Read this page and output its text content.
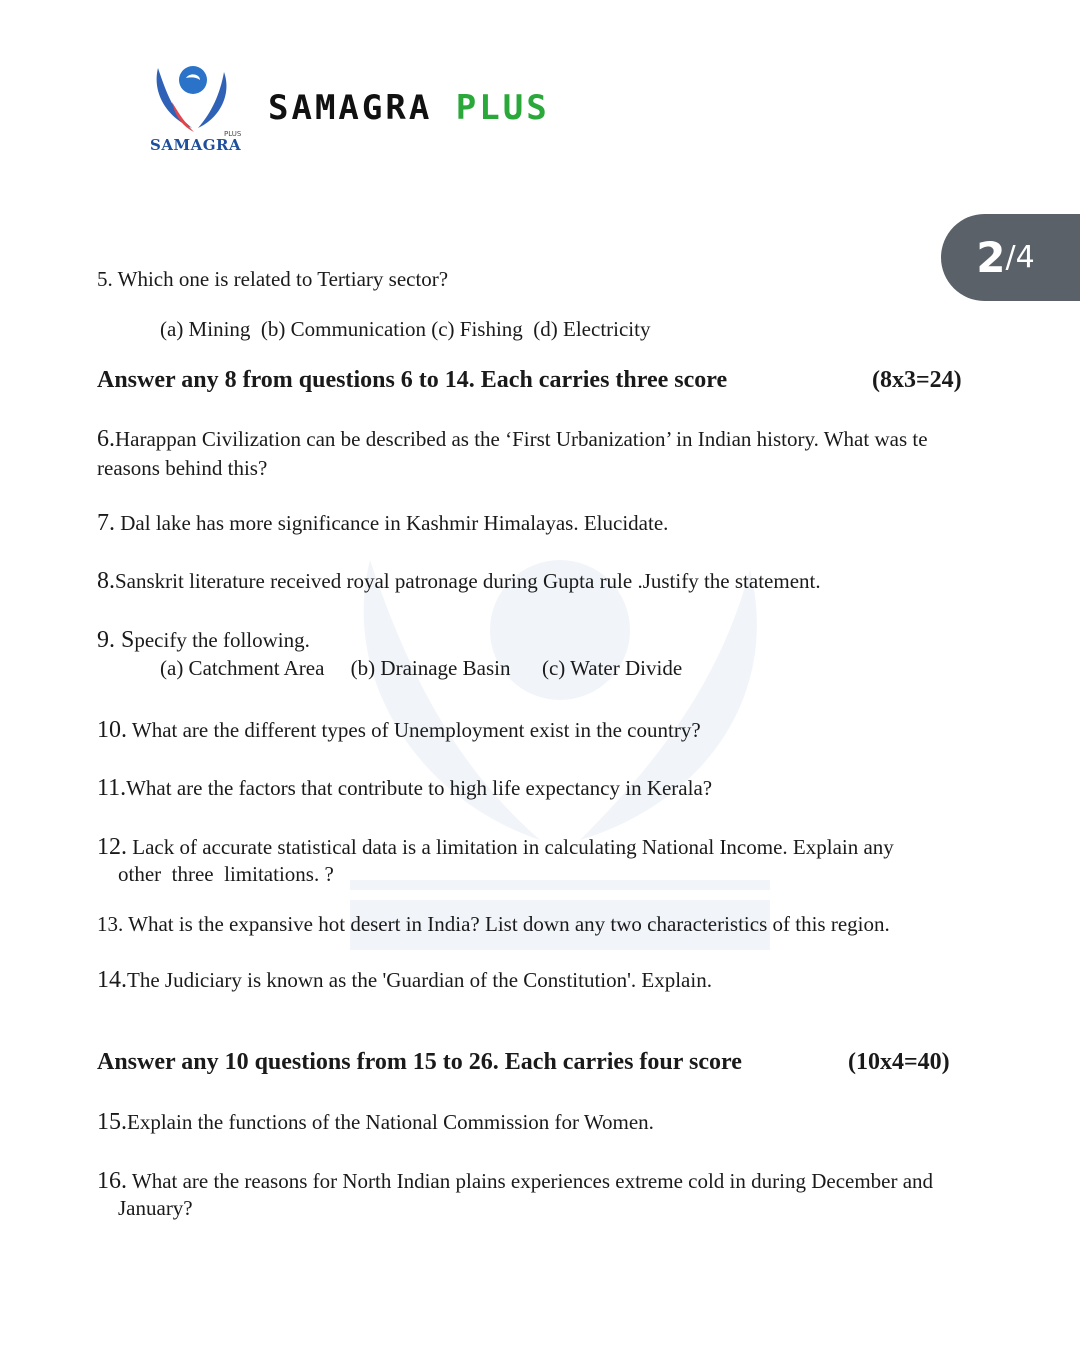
PLUS
SAMAGRA
SAMAGRA PLUS
2 / 4
5. Which one is related to Tertiary sector?
(a) Mining  (b) Communication (c) Fishing  (d) Electricity
Answer any 8 from questions 6 to 14. Each carries three score	(8x3=24)
6.Harappan Civilization can be described as the ‘First Urbanization’ in Indian history. What was te
reasons behind this?
7. Dal lake has more significance in Kashmir Himalayas. Elucidate.
8.Sanskrit literature received royal patronage during Gupta rule .Justify the statement.
9. Specify the following.
(a) Catchment Area     (b) Drainage Basin      (c) Water Divide
10. What are the different types of Unemployment exist in the country?
11.What are the factors that contribute to high life expectancy in Kerala?
12. Lack of accurate statistical data is a limitation in calculating National Income. Explain any
other  three  limitations. ?
13. What is the expansive hot desert in India? List down any two characteristics of this region.
14.The Judiciary is known as the 'Guardian of the Constitution'. Explain.
Answer any 10 questions from 15 to 26. Each carries four score	(10x4=40)
15.Explain the functions of the National Commission for Women.
16. What are the reasons for North Indian plains experiences extreme cold in during December and
January?
